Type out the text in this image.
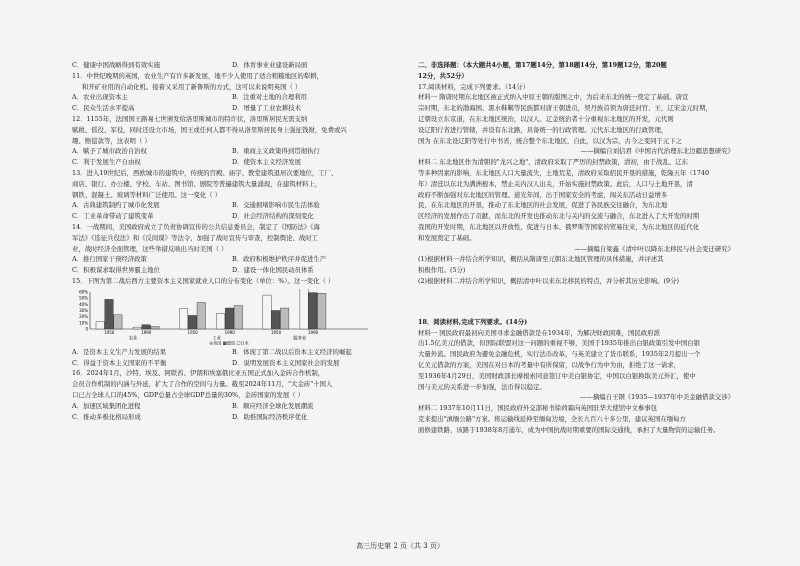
C．健康中国战略得到有效实施	D．体育事业业建设新局面
11．中世纪晚期的英国，农业生产有许多新发展，地不少人使用了适合粗糙地区的犁耕，
和开矿业用的自动化机。接着又采用了新鲁斯的方式，这可以来说明英国（ ）
A．农业出现资本主	B．注重对土地的合理利用
C．民众生活水平提高	D．增量了工业农耕技术
12．1155年，法国国王路易七世颁发给洛里斯城市的特许状，洛里斯居民无需支纳
赋税、徭役、军役，同时还设立市场，国王或任何人都不得从洛里斯居民身上强征钱财，免费或兴
趣、赔偿款等，这表明（ ）
A．赋予了城市政治自治权	B．重商主义政策得到贯彻执行
C．利于发展生产自由权	D．使资本主义经济发展
13．进入19世纪后，西欧城市的建筑中，传统的宫殿、庙宇、教堂建筑退居次要地位，工厂、
商店、银行、办公楼、学校、车站、图书馆、剧院等普遍建筑大量涌现，在建筑材料上，
钢铁、混凝土、玻璃等材料广泛使用。这一变化（ ）
A．古典建筑制约了城市化发展	B．交通拥堵影响市民生活体验
C．工业革命带动了建筑变革	D．社会经济结构的深刻变化
14．一战期间，美国政府成立了负责协调宣传的公共信息委员会，制定了《国防法》《海
军法》《选征兵役法》和《反间谍》等法令，加强了战时宣传与审查，控制舆论、战时工
业，战时经济全面管理，这些举措反映出当时美国（ ）
A．推行国家干预经济政策	B．政府积极维护秩序并促进生产
C．积极谋求取得世界霸主地位	D．建设一体化国民动员体系
15．下图为第二战后西方主要资本主义国家就业人口的分布变化（单位：%）。这一变化（ ）
60%
50%
40%
30%
20%
10%
0
1950	1990	1950	1990	1950	1990
农业	工业	服务业
◎美国 ▩德国 □日本
A．是资本主义生产力发展的结果	B．体现了第二战以后资本主义经济的崛起
C．得益于资本主义国家的不平衡	D．说明发展资本主义国家社会的发展
16．2024年1月，沙特、埃及、阿联酋、伊朗和埃塞俄比亚五国正式加入金砖合作机制，
会员合作机制的内涵与外延，扩大了合作的空间与力量。截至2024年11月，"大金砖"十国人
口已占全球人口的45%，GDP总量占全球GDP总量的30%，金砖国家的发展（ ）
A．加速区域集团化进程	B．顺应经济全球化发展潮流
C．推动多极化格局形成	D．助推国际经济秩序优化
二、非选择题：（本大题共4小题，第17题14分，第18题14分，第19题12分，第20题
12分，共52分）
17.阅读材料，完成下列要求。（14分）
材料一 隋唐时期东北地区被正式纳入中原王朝的版图之中，为后来东北的统一奠定了基础。唐宣
宗时期，东北的渤海国、黑水靺鞨等民族都对唐王朝进贡，契丹族首领为唐廷封官、王，辽宋金元时期，
辽朝设立东京道，在东北地区统治，以汉人、辽金统治者十分重视东北地区的开发，元代则
设辽阳行省进行管辖，并设有东北路，具备统一的行政管理。元代东北地区的行政管理，
国为 在东北设辽阳等处行中书省，统合整个东北地区，自此，以汉为宗，古今之变同于元下之
——摘编自刘信君《中国古代治理东北边疆思想研究》
材料二 东北地区作为清朝的"龙兴之地"，清政府采取了严厉的封禁政策，清初，由于战乱、辽东
等多种因素的影响，东北地区人口大量流失，土地荒芜，清政府采取招民开垦的措施，乾隆五年（1740
年）清廷以东北为满洲根本，禁止关内汉人出关，开始实施封禁政策。此后，人口与土地开垦，清
政府不断加强对东北地区的管理。道光年间，出于国家安全的考虑，闯关东活动日益增多
民，在东北地区的开垦，推动了东北地区的社会发展，促进了各民族交往融合，为东北地
区经济的发展作出了贡献，而东北的开发也推动东北与关内的交流与融合，东北进入了大开发的时期
我国的开发时期，东北地区以开放性，促进与日本、俄罗斯等国家的贸易往来，为东北地区的近代化
和发展奠定了基础。
——摘编自梁鑫《清中叶以降东北移民与社会变迁研究》
(1)根据材料一并结合所学知识，概括从隋唐至元朝东北地区管理的具体措施，并评述其
积极作用。(5分)
(2)根据材料二并结合所学知识，概括清中叶以来东北移民的特点，并分析其历史影响。(9分)
18．阅读材料,完成下列要求。(14分)
材料一 国民政府最初向美国寻求金融借款是在1934年，为解决财政困难，国民政府派
出1.5亿美元的借款，但国际联盟对这一问题的重视不够，美国于1935年推出白银政策引发中国白银
大量外流。国民政府为避免金融危机，实行法币改革，与英美建立了货币联系，1935年2月提出一个
亿美元借款的方案，美国在对日本的考量中有所保留，以战争行为中为由，拒绝了这一请求，
至1936年4月29日，美国财政部长摩根索同意签订中美白银协定，中国以白银换取美元外汇，使中
国与美元的关系进一步加强，法币得以稳定。
——摘编自王钢《1935—1937年中美金融借款交涉》
材料二 1937年10月11日，国民政府外交部秘书徐荷霜向英国驻华大使馆中文参事包
克来提出"滇缅公路"方案。将运输线延伸至缅甸边境，全长九百六十多公里，建议英国在缅甸方
面修建铁路，该路于1938年8月通车，成为中国抗战时期重要的国际交通线，承担了大量物资的运输任务。
高三历史第 2 页（共 3 页）
